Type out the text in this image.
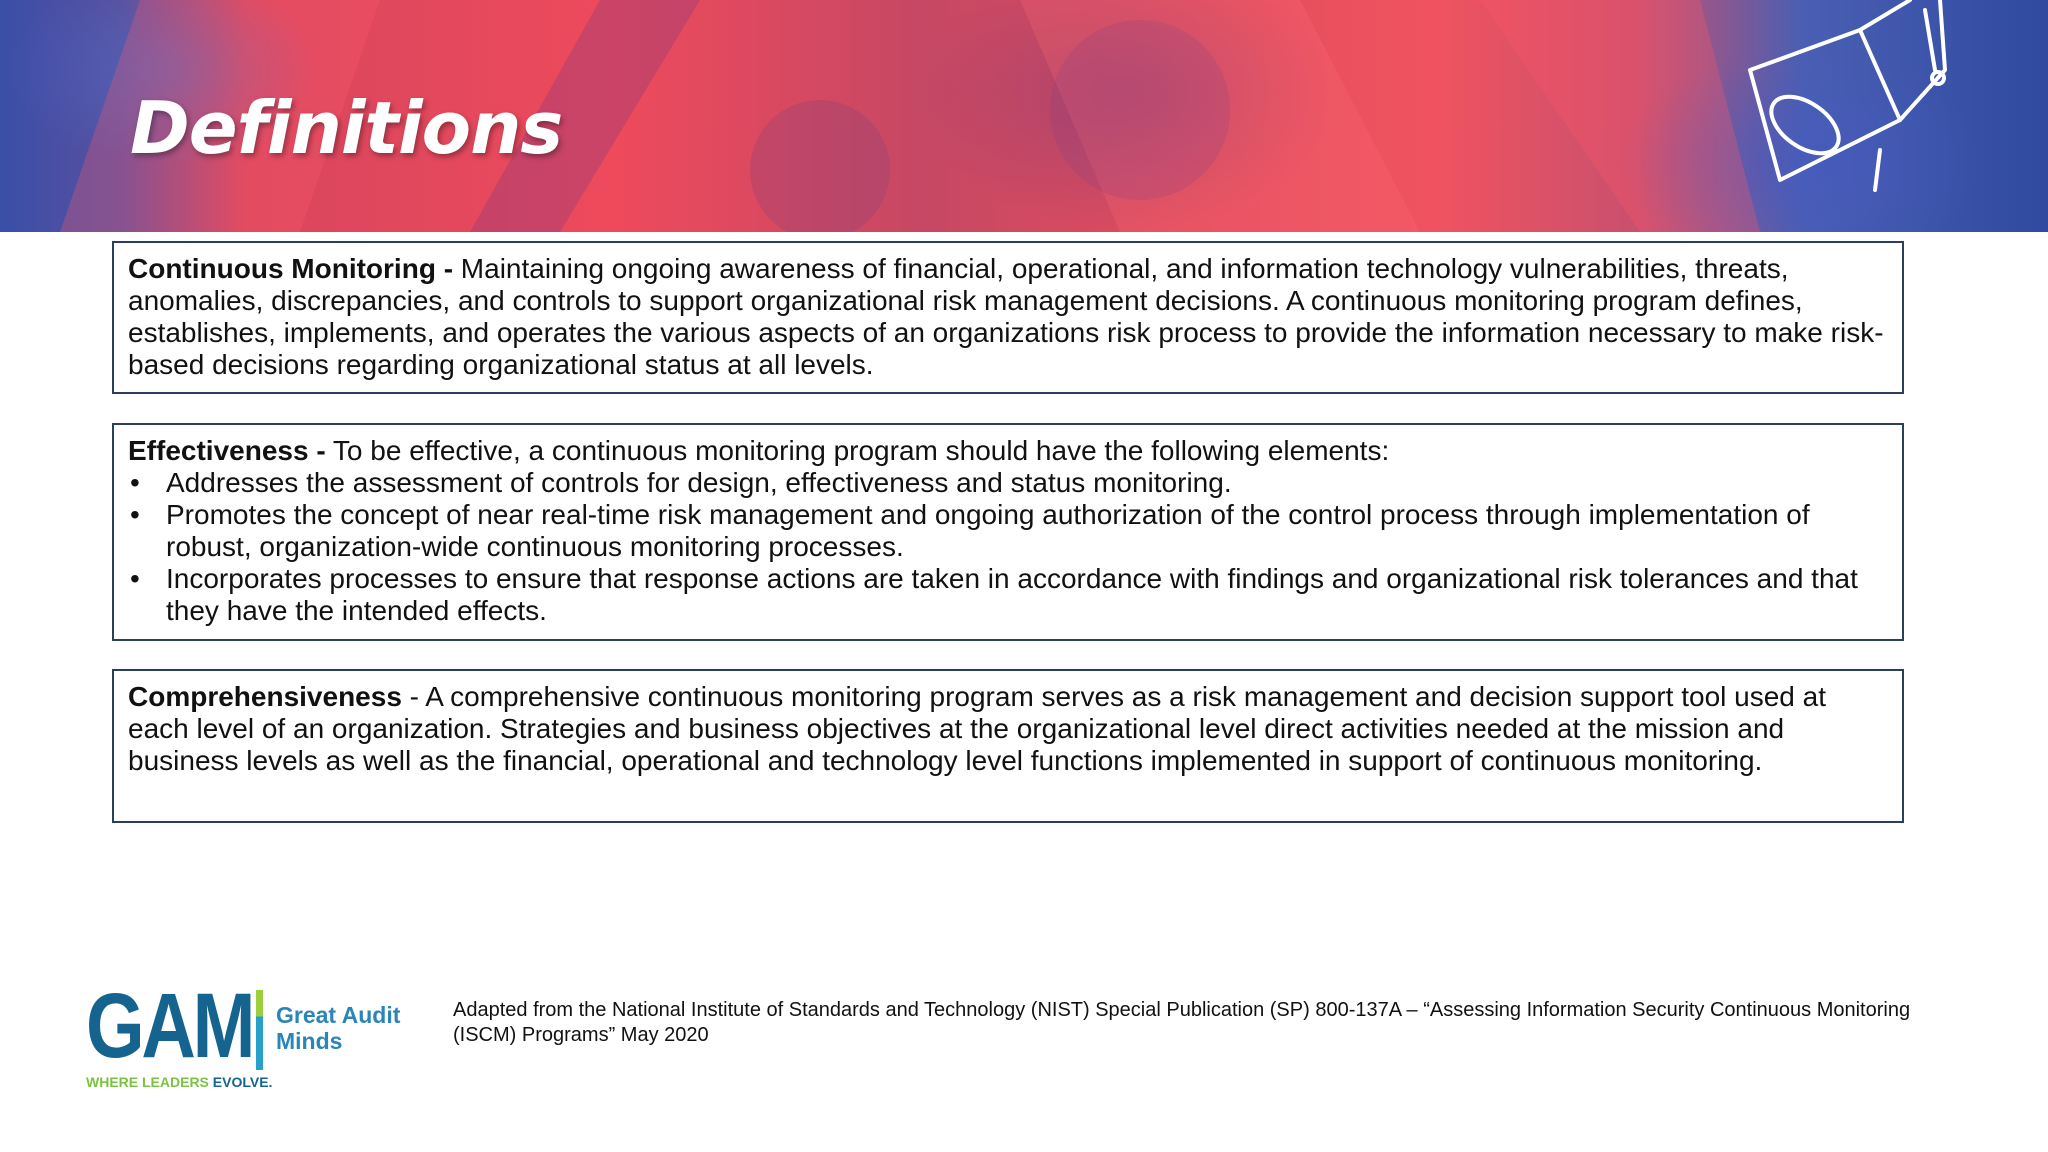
Definitions

Continuous Monitoring - Maintaining ongoing awareness of financial, operational, and information technology vulnerabilities, threats, anomalies, discrepancies, and controls to support organizational risk management decisions. A continuous monitoring program defines, establishes, implements, and operates the various aspects of an organizations risk process to provide the information necessary to make risk-based decisions regarding organizational status at all levels.

Effectiveness - To be effective, a continuous monitoring program should have the following elements:

• Addresses the assessment of controls for design, effectiveness and status monitoring.
• Promotes the concept of near real-time risk management and ongoing authorization of the control process through implementation of robust, organization-wide continuous monitoring processes.
• Incorporates processes to ensure that response actions are taken in accordance with findings and organizational risk tolerances and that they have the intended effects.

Comprehensiveness - A comprehensive continuous monitoring program serves as a risk management and decision support tool used at each level of an organization. Strategies and business objectives at the organizational level direct activities needed at the mission and business levels as well as the financial, operational and technology level functions implemented in support of continuous monitoring.

GAM Great Audit
Minds
WHERE LEADERS EVOLVE.
Adapted from the National Institute of Standards and Technology (NIST) Special Publication (SP) 800-137A – “Assessing Information Security Continuous Monitoring (ISCM) Programs” May 2020
